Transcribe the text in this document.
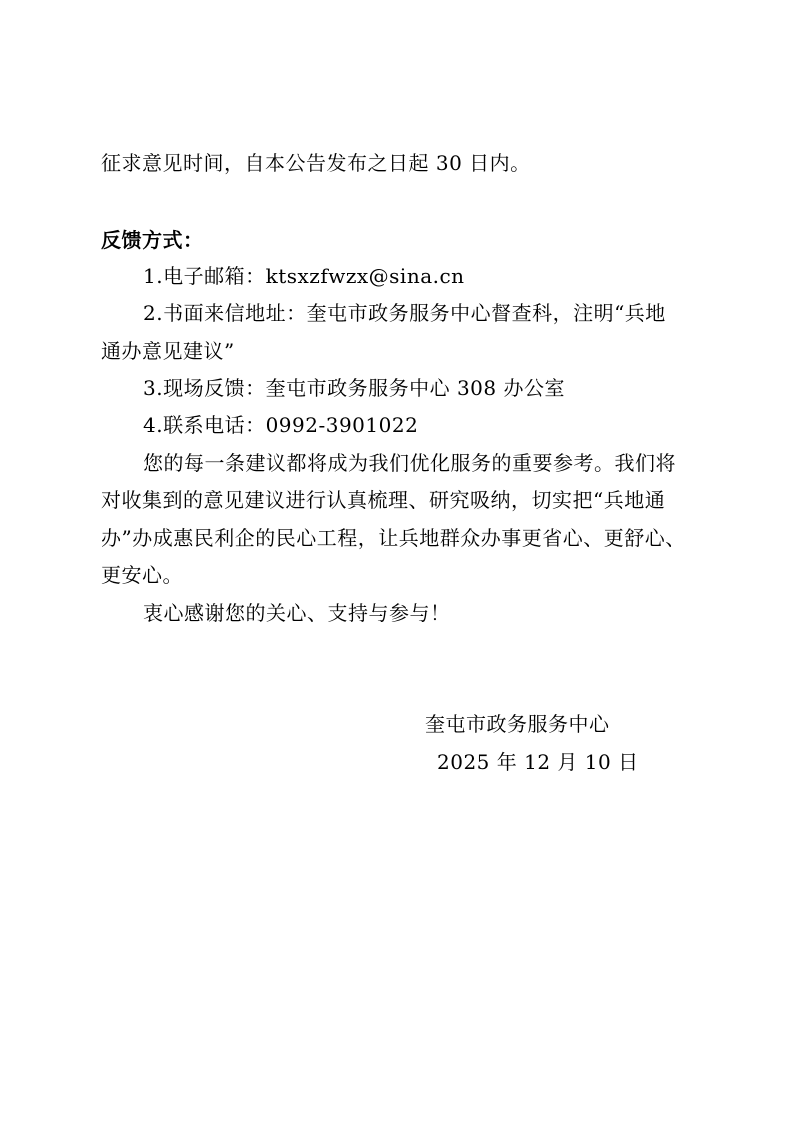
征求意见时间，自本公告发布之日起 30 日内。
反馈方式：
1.电子邮箱：ktsxzfwzx@sina.cn
2.书面来信地址：奎屯市政务服务中心督查科，注明“兵地
通办意见建议”
3.现场反馈：奎屯市政务服务中心 308 办公室
4.联系电话：0992-3901022
您的每一条建议都将成为我们优化服务的重要参考。我们将
对收集到的意见建议进行认真梳理、研究吸纳，切实把“兵地通
办”办成惠民利企的民心工程，让兵地群众办事更省心、更舒心、
更安心。
衷心感谢您的关心、支持与参与！
奎屯市政务服务中心
2025 年 12 月 10 日
